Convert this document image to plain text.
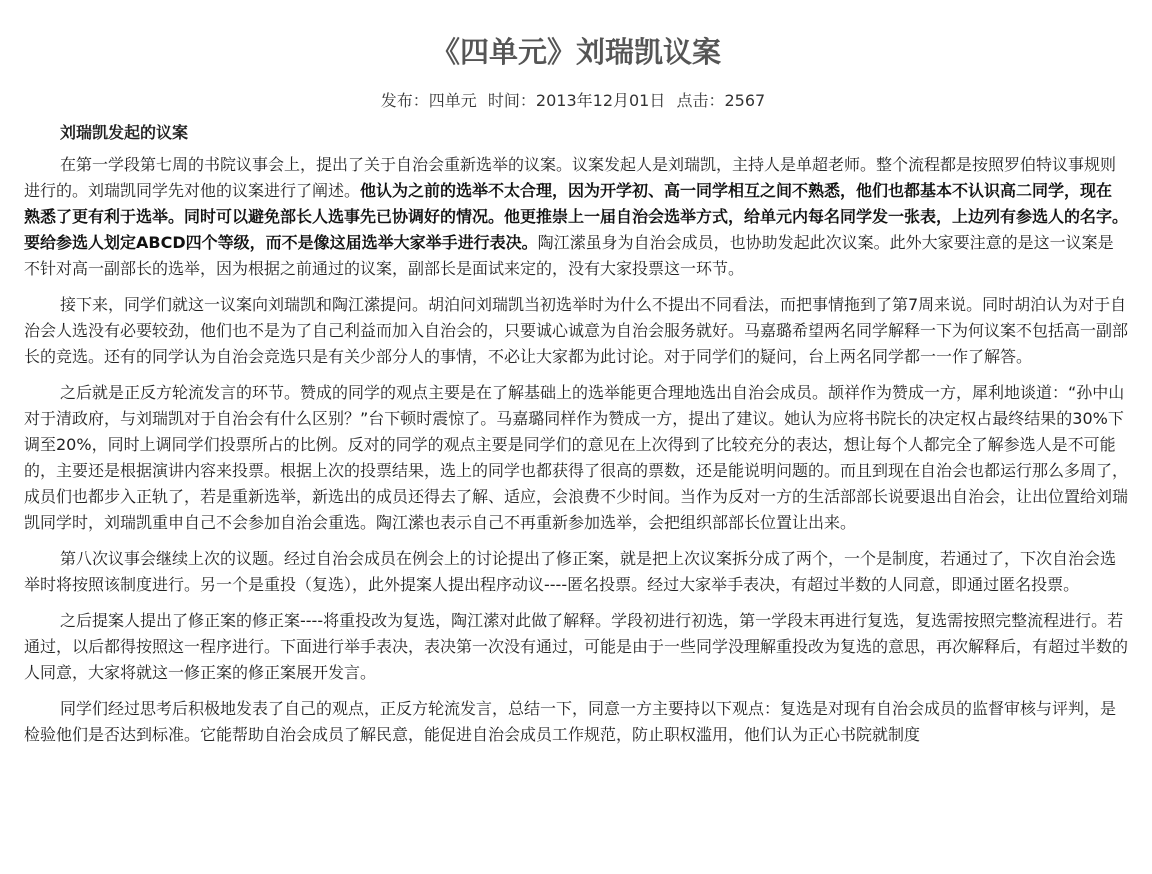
《四单元》刘瑞凯议案
发布：四单元 时间：2013年12月01日 点击：2567

刘瑞凯发起的议案

在第一学段第七周的书院议事会上，提出了关于自治会重新选举的议案。议案发起人是刘瑞凯，主持人是单超老师。整个流程都是按照罗伯特议事规则进行的。刘瑞凯同学先对他的议案进行了阐述。他认为之前的选举不太合理，因为开学初、高一同学相互之间不熟悉，他们也都基本不认识高二同学，现在熟悉了更有利于选举。同时可以避免部长人选事先已协调好的情况。他更推崇上一届自治会选举方式，给单元内每名同学发一张表，上边列有参选人的名字。要给参选人划定ABCD四个等级，而不是像这届选举大家举手进行表决。陶江潆虽身为自治会成员，也协助发起此次议案。此外大家要注意的是这一议案是不针对高一副部长的选举，因为根据之前通过的议案，副部长是面试来定的，没有大家投票这一环节。

接下来，同学们就这一议案向刘瑞凯和陶江潆提问。胡泊问刘瑞凯当初选举时为什么不提出不同看法，而把事情拖到了第7周来说。同时胡泊认为对于自治会人选没有必要较劲，他们也不是为了自己利益而加入自治会的，只要诚心诚意为自治会服务就好。马嘉璐希望两名同学解释一下为何议案不包括高一副部长的竞选。还有的同学认为自治会竞选只是有关少部分人的事情，不必让大家都为此讨论。对于同学们的疑问，台上两名同学都一一作了解答。

之后就是正反方轮流发言的环节。赞成的同学的观点主要是在了解基础上的选举能更合理地选出自治会成员。颉祥作为赞成一方，犀利地谈道：“孙中山对于清政府，与刘瑞凯对于自治会有什么区别？”台下顿时震惊了。马嘉璐同样作为赞成一方，提出了建议。她认为应将书院长的决定权占最终结果的30%下调至20%，同时上调同学们投票所占的比例。反对的同学的观点主要是同学们的意见在上次得到了比较充分的表达，想让每个人都完全了解参选人是不可能的，主要还是根据演讲内容来投票。根据上次的投票结果，选上的同学也都获得了很高的票数，还是能说明问题的。而且到现在自治会也都运行那么多周了，成员们也都步入正轨了，若是重新选举，新选出的成员还得去了解、适应，会浪费不少时间。当作为反对一方的生活部部长说要退出自治会，让出位置给刘瑞凯同学时，刘瑞凯重申自己不会参加自治会重选。陶江潆也表示自己不再重新参加选举，会把组织部部长位置让出来。

第八次议事会继续上次的议题。经过自治会成员在例会上的讨论提出了修正案，就是把上次议案拆分成了两个，一个是制度，若通过了，下次自治会选举时将按照该制度进行。另一个是重投（复选），此外提案人提出程序动议----匿名投票。经过大家举手表决，有超过半数的人同意，即通过匿名投票。

之后提案人提出了修正案的修正案----将重投改为复选，陶江潆对此做了解释。学段初进行初选，第一学段末再进行复选，复选需按照完整流程进行。若通过，以后都得按照这一程序进行。下面进行举手表决，表决第一次没有通过，可能是由于一些同学没理解重投改为复选的意思，再次解释后，有超过半数的人同意，大家将就这一修正案的修正案展开发言。

同学们经过思考后积极地发表了自己的观点，正反方轮流发言，总结一下，同意一方主要持以下观点：复选是对现有自治会成员的监督审核与评判，是检验他们是否达到标准。它能帮助自治会成员了解民意，能促进自治会成员工作规范，防止职权滥用，他们认为正心书院就制度
